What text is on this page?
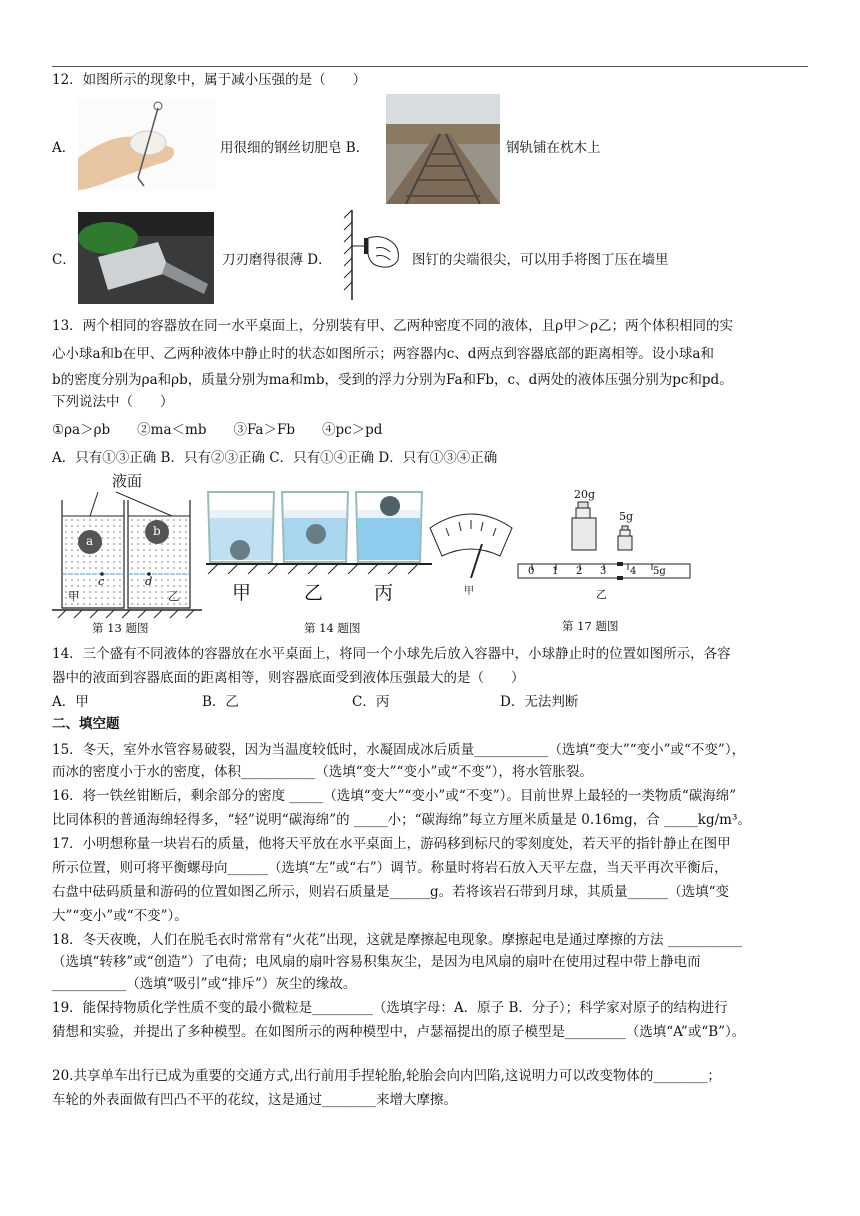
12．如图所示的现象中，属于减小压强的是（　　）
A．	用很细的钢丝切肥皂 B．	钢轨铺在枕木上
C．	刀刃磨得很薄 D．	图钉的尖端很尖，可以用手将图丁压在墙里
13．两个相同的容器放在同一水平桌面上，分别装有甲、乙两种密度不同的液体，且ρ甲＞ρ乙；两个体积相同的实
心小球a和b在甲、乙两种液体中静止时的状态如图所示；两容器内c、d两点到容器底部的距离相等。设小球a和
b的密度分别为ρa和ρb，质量分别为ma和mb，受到的浮力分别为Fa和Fb，c、d两处的液体压强分别为pc和pd。
下列说法中（　　）
①ρa＞ρb　　②ma＜mb　　③Fa＞Fb　　④pc＞pd
A．只有①③正确 B．只有②③正确 C．只有①④正确 D．只有①③④正确
液面
a
b
c	d
甲	乙
第 13 题图
甲	乙	丙
第 14 题图
甲
20g
5g
0 1 2 3 4 5g
乙
第 17 题图
14．三个盛有不同液体的容器放在水平桌面上，将同一个小球先后放入容器中，小球静止时的位置如图所示，各容
器中的液面到容器底面的距离相等，则容器底面受到液体压强最大的是（　　）
A．甲	B．乙	C．丙	D．无法判断
二、填空题
15．冬天，室外水管容易破裂，因为当温度较低时，水凝固成冰后质量___________（选填“变大”“变小”或“不变”），
而冰的密度小于水的密度，体积___________（选填“变大”“变小”或“不变”），将水管胀裂。
16．将一铁丝钳断后，剩余部分的密度 _____（选填“变大”“变小”或“不变”）。目前世界上最轻的一类物质“碳海绵”
比同体积的普通海绵轻得多，“轻”说明“碳海绵”的 _____小；“碳海绵”每立方厘米质量是 0.16mg，合 _____kg/m³。
17．小明想称量一块岩石的质量，他将天平放在水平桌面上，游码移到标尺的零刻度处，若天平的指针静止在图甲
所示位置，则可将平衡螺母向______（选填“左”或“右”）调节。称量时将岩石放入天平左盘，当天平再次平衡后，
右盘中砝码质量和游码的位置如图乙所示，则岩石质量是______g。若将该岩石带到月球，其质量______（选填“变
大”“变小”或“不变”）。
18．冬天夜晚，人们在脱毛衣时常常有“火花”出现，这就是摩擦起电现象。摩擦起电是通过摩擦的方法 ___________
（选填“转移”或“创造”）了电荷；电风扇的扇叶容易积集灰尘，是因为电风扇的扇叶在使用过程中带上静电而
___________（选填“吸引”或“排斥”）灰尘的缘故。
19．能保持物质化学性质不变的最小微粒是_________（选填字母：A．原子 B．分子）；科学家对原子的结构进行
猜想和实验，并提出了多种模型。在如图所示的两种模型中，卢瑟福提出的原子模型是_________（选填“A”或“B”）。
20.共享单车出行已成为重要的交通方式,出行前用手捏轮胎,轮胎会向内凹陷,这说明力可以改变物体的________；
车轮的外表面做有凹凸不平的花纹，这是通过________来增大摩擦。
